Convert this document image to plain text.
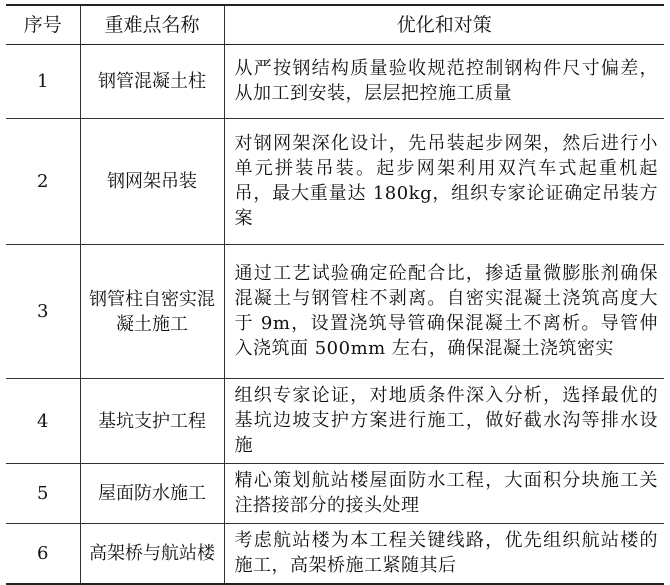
序号	重难点名称	优化和对策
1	钢管混凝土柱	从严按钢结构质量验收规范控制钢构件尺寸偏差，从加工到安装，层层把控施工质量
2	钢网架吊装	对钢网架深化设计，先吊装起步网架，然后进行小单元拼装吊装。起步网架利用双汽车式起重机起吊，最大重量达 180kg，组织专家论证确定吊装方案
3	钢管柱自密实混凝土施工	通过工艺试验确定砼配合比，掺适量微膨胀剂确保混凝土与钢管柱不剥离。自密实混凝土浇筑高度大于 9m，设置浇筑导管确保混凝土不离析。导管伸入浇筑面 500mm 左右，确保混凝土浇筑密实
4	基坑支护工程	组织专家论证，对地质条件深入分析，选择最优的基坑边坡支护方案进行施工，做好截水沟等排水设施
5	屋面防水施工	精心策划航站楼屋面防水工程，大面积分块施工关注搭接部分的接头处理
6	高架桥与航站楼	考虑航站楼为本工程关键线路，优先组织航站楼的施工，高架桥施工紧随其后
